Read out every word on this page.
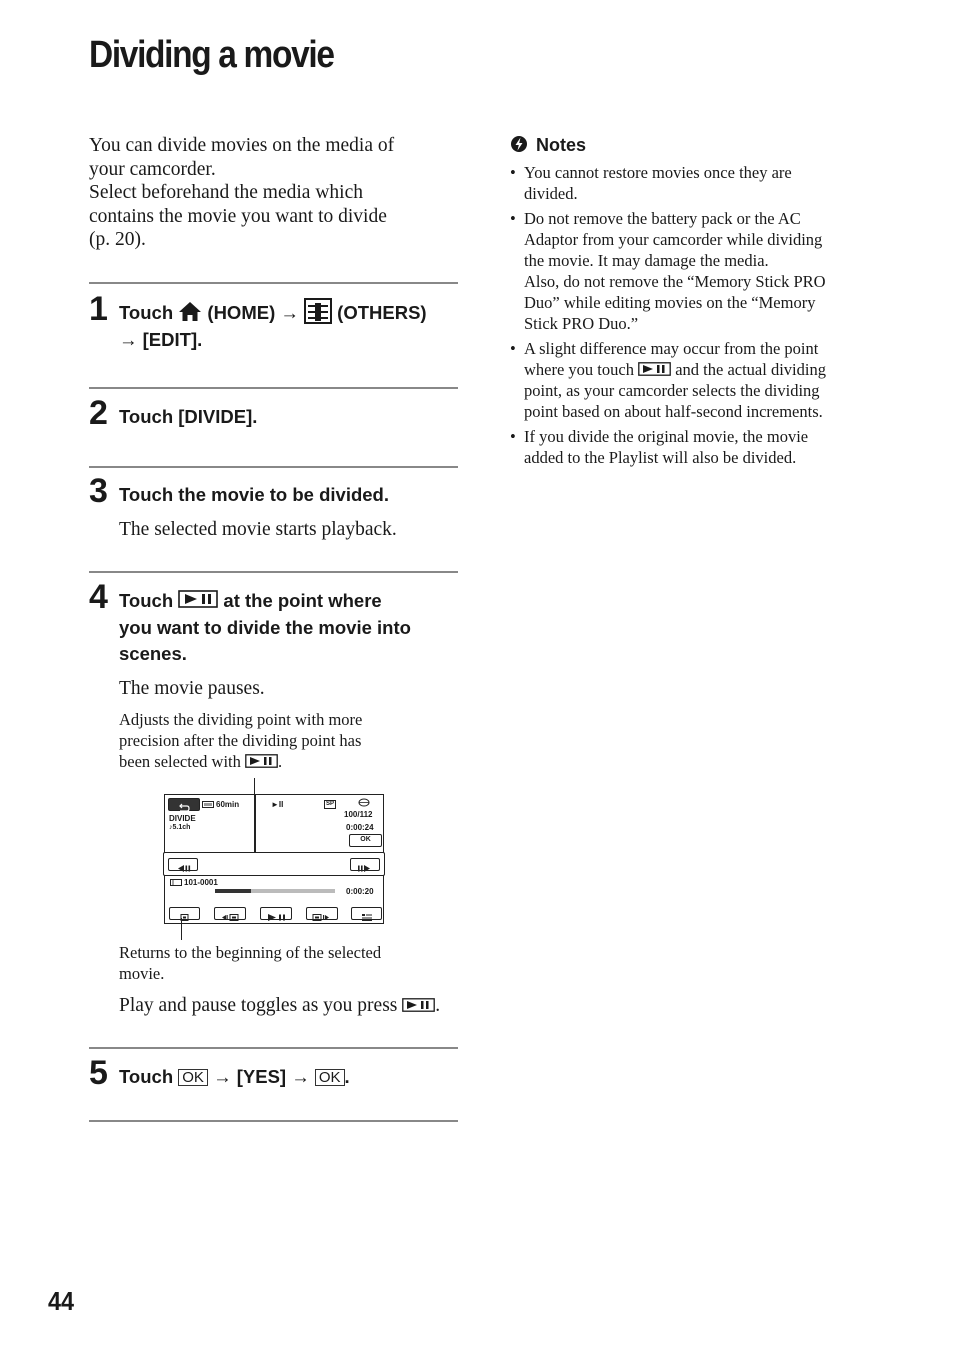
Dividing a movie
You can divide movies on the media of
your camcorder.
Select beforehand the media which
contains the movie you want to divide
(p. 20).
1 Touch (HOME) → (OTHERS)
→ [EDIT].
2 Touch [DIVIDE].
3 Touch the movie to be divided.
The selected movie starts playback.
4 Touch	at the point where
you want to divide the movie into
scenes.
The movie pauses.
Adjusts the dividing point with more
precision after the dividing point has
been selected with .
60min
DIVIDE
♪5.1ch
►II	SP
100/112
0:00:24
OK
101-0001
0:00:20
Returns to the beginning of the selected
movie.
Play and pause toggles as you press .
5 Touch OK → [YES] → OK .
Notes
• You cannot restore movies once they are
divided.
• Do not remove the battery pack or the AC
Adaptor from your camcorder while dividing
the movie. It may damage the media.
Also, do not remove the “Memory Stick PRO
Duo” while editing movies on the “Memory
Stick PRO Duo.”
• A slight difference may occur from the point
where you touch	and the actual dividing
point, as your camcorder selects the dividing
point based on about half-second increments.
• If you divide the original movie, the movie
added to the Playlist will also be divided.
44
